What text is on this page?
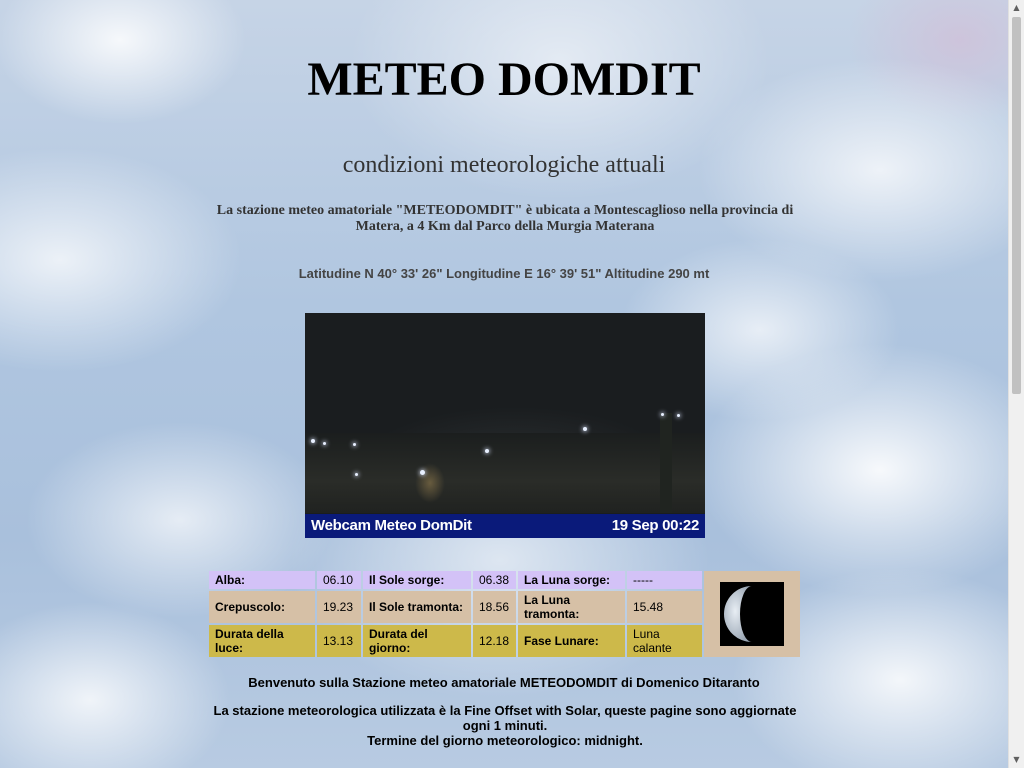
METEO DOMDIT
condizioni meteorologiche attuali
La stazione meteo amatoriale "METEODOMDIT" è ubicata a Montescaglioso nella provincia di Matera, a 4 Km dal Parco della Murgia Materana
Latitudine N 40° 33' 26" Longitudine E 16° 39' 51" Altitudine 290 mt
Webcam Meteo DomDit	19 Sep 00:22
Alba:	06.10	Il Sole sorge:	06.38	La Luna sorge:	-----	

Crepuscolo:	19.23	Il Sole tramonta:	18.56	La Luna tramonta:	15.48	
Durata della luce:	13.13	Durata del giorno:	12.18	Fase Lunare:	Luna calante	
Benvenuto sulla Stazione meteo amatoriale METEODOMDIT di Domenico Ditaranto
La stazione meteorologica utilizzata è la Fine Offset with Solar, queste pagine sono aggiornate ogni 1 minuti.
Termine del giorno meteorologico: midnight.
▲
▼
